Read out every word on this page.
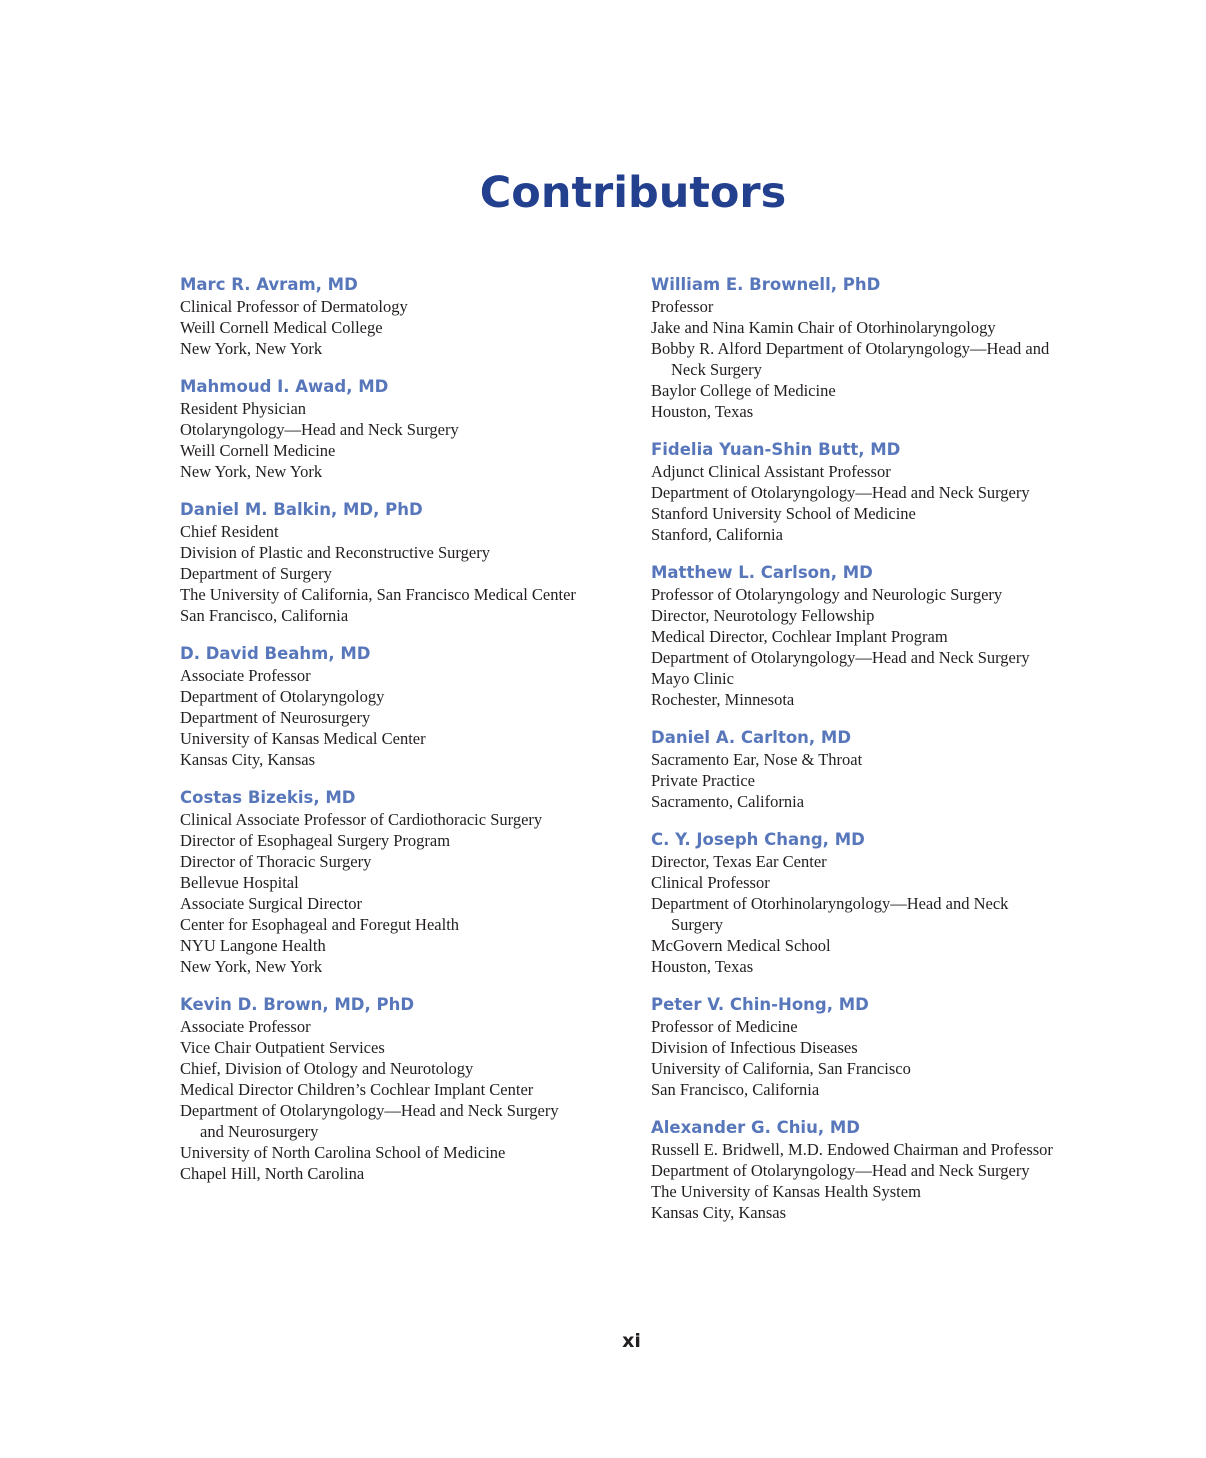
Contributors
Marc R. Avram, MD
Clinical Professor of Dermatology
Weill Cornell Medical College
New York, New York
Mahmoud I. Awad, MD
Resident Physician
Otolaryngology—Head and Neck Surgery
Weill Cornell Medicine
New York, New York
Daniel M. Balkin, MD, PhD
Chief Resident
Division of Plastic and Reconstructive Surgery
Department of Surgery
The University of California, San Francisco Medical Center
San Francisco, California
D. David Beahm, MD
Associate Professor
Department of Otolaryngology
Department of Neurosurgery
University of Kansas Medical Center
Kansas City, Kansas
Costas Bizekis, MD
Clinical Associate Professor of Cardiothoracic Surgery
Director of Esophageal Surgery Program
Director of Thoracic Surgery
Bellevue Hospital
Associate Surgical Director
Center for Esophageal and Foregut Health
NYU Langone Health
New York, New York
Kevin D. Brown, MD, PhD
Associate Professor
Vice Chair Outpatient Services
Chief, Division of Otology and Neurotology
Medical Director Children’s Cochlear Implant Center
Department of Otolaryngology—Head and Neck Surgery
and Neurosurgery
University of North Carolina School of Medicine
Chapel Hill, North Carolina
William E. Brownell, PhD
Professor
Jake and Nina Kamin Chair of Otorhinolaryngology
Bobby R. Alford Department of Otolaryngology—Head and
Neck Surgery
Baylor College of Medicine
Houston, Texas
Fidelia Yuan-Shin Butt, MD
Adjunct Clinical Assistant Professor
Department of Otolaryngology—Head and Neck Surgery
Stanford University School of Medicine
Stanford, California
Matthew L. Carlson, MD
Professor of Otolaryngology and Neurologic Surgery
Director, Neurotology Fellowship
Medical Director, Cochlear Implant Program
Department of Otolaryngology—Head and Neck Surgery
Mayo Clinic
Rochester, Minnesota
Daniel A. Carlton, MD
Sacramento Ear, Nose & Throat
Private Practice
Sacramento, California
C. Y. Joseph Chang, MD
Director, Texas Ear Center
Clinical Professor
Department of Otorhinolaryngology—Head and Neck
Surgery
McGovern Medical School
Houston, Texas
Peter V. Chin-Hong, MD
Professor of Medicine
Division of Infectious Diseases
University of California, San Francisco
San Francisco, California
Alexander G. Chiu, MD
Russell E. Bridwell, M.D. Endowed Chairman and Professor
Department of Otolaryngology—Head and Neck Surgery
The University of Kansas Health System
Kansas City, Kansas
xi
